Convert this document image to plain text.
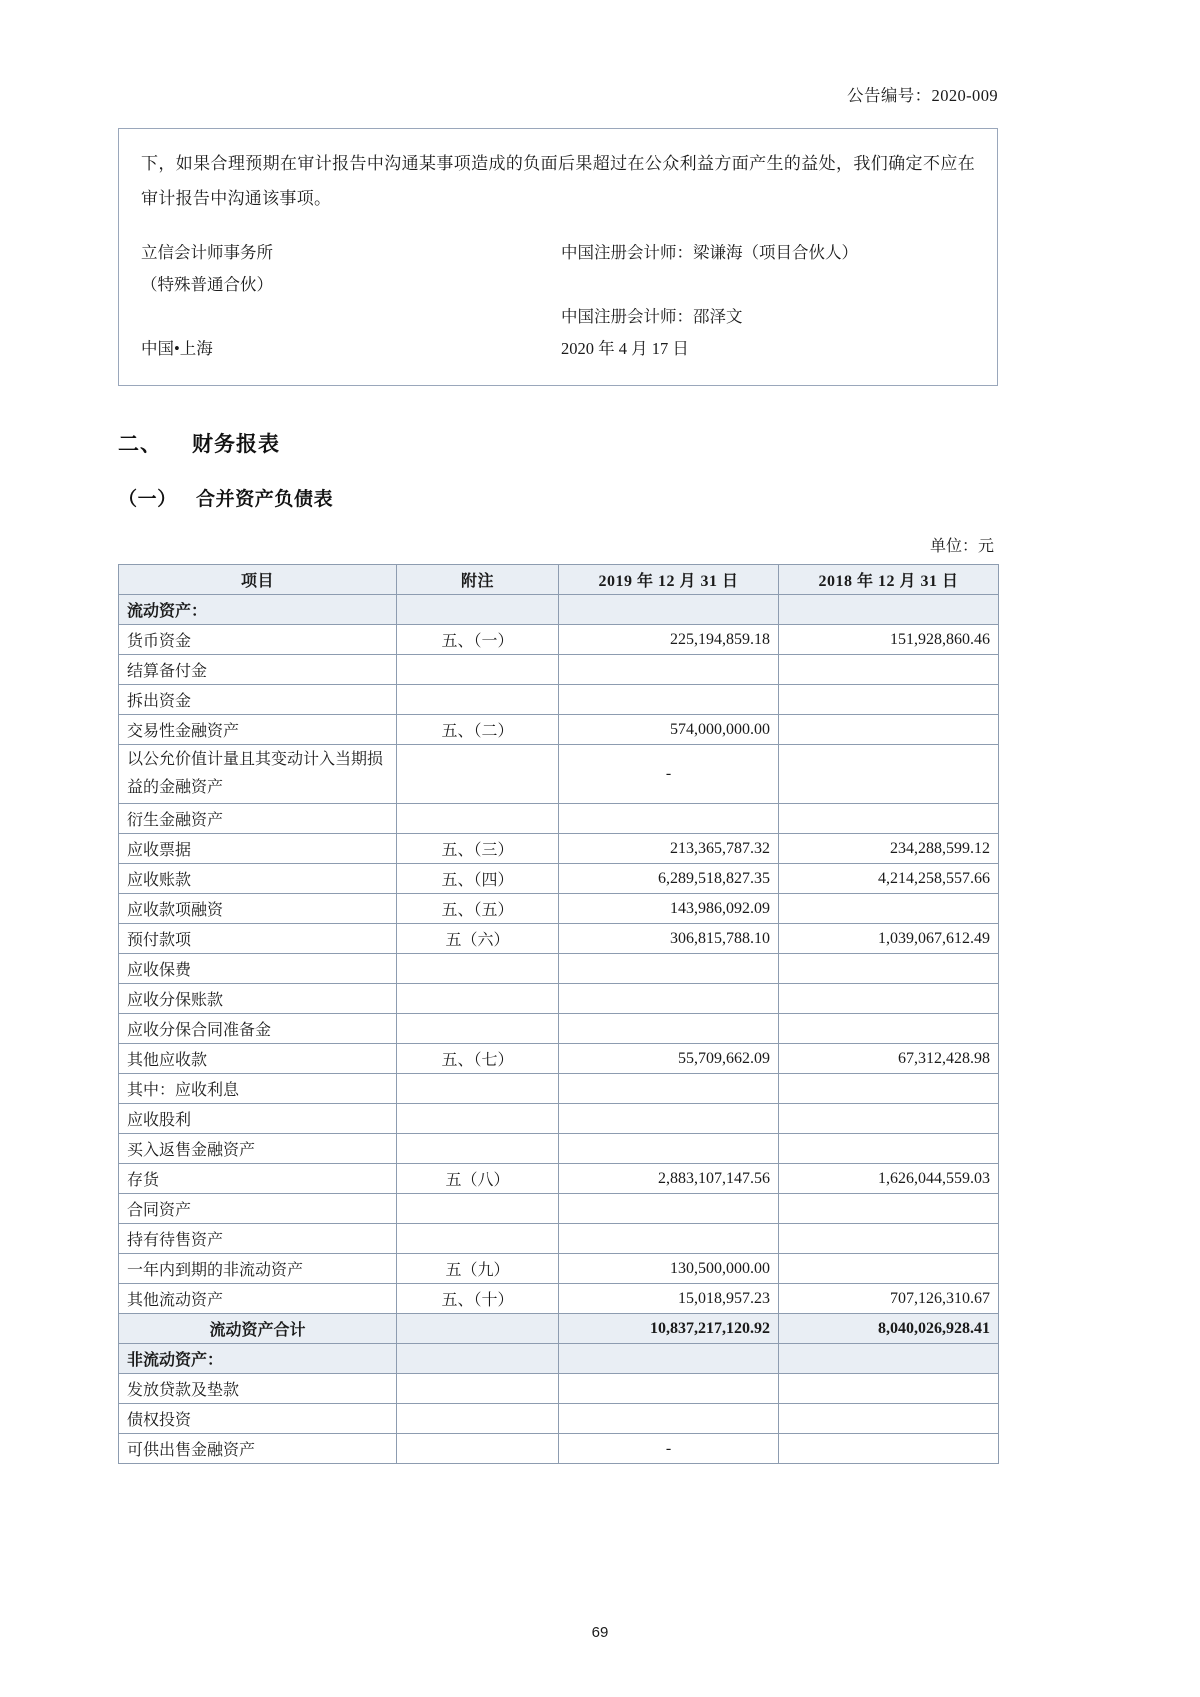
公告编号：2020-009
下，如果合理预期在审计报告中沟通某事项造成的负面后果超过在公众利益方面产生的益处，我们确定不应在审计报告中沟通该事项。
立信会计师事务所	中国注册会计师：梁谦海（项目合伙人）
（特殊普通合伙）
中国注册会计师：邵泽文
中国•上海	2020 年 4 月 17 日
二、 财务报表
（一） 合并资产负债表
单位：元
项目	附注	2019 年 12 月 31 日	2018 年 12 月 31 日
流动资产：			
货币资金	五、（一）	225,194,859.18	151,928,860.46
结算备付金			
拆出资金			
交易性金融资产	五、（二）	574,000,000.00	
以公允价值计量且其变动计入当期损益的金融资产		-	
衍生金融资产			
应收票据	五、（三）	213,365,787.32	234,288,599.12
应收账款	五、（四）	6,289,518,827.35	4,214,258,557.66
应收款项融资	五、（五）	143,986,092.09	
预付款项	五（六）	306,815,788.10	1,039,067,612.49
应收保费			
应收分保账款			
应收分保合同准备金			
其他应收款	五、（七）	55,709,662.09	67,312,428.98
其中：应收利息			
应收股利			
买入返售金融资产			
存货	五（八）	2,883,107,147.56	1,626,044,559.03
合同资产			
持有待售资产			
一年内到期的非流动资产	五（九）	130,500,000.00	
其他流动资产	五、（十）	15,018,957.23	707,126,310.67
流动资产合计		10,837,217,120.92	8,040,026,928.41
非流动资产：			
发放贷款及垫款			
债权投资			
可供出售金融资产		-	
69
